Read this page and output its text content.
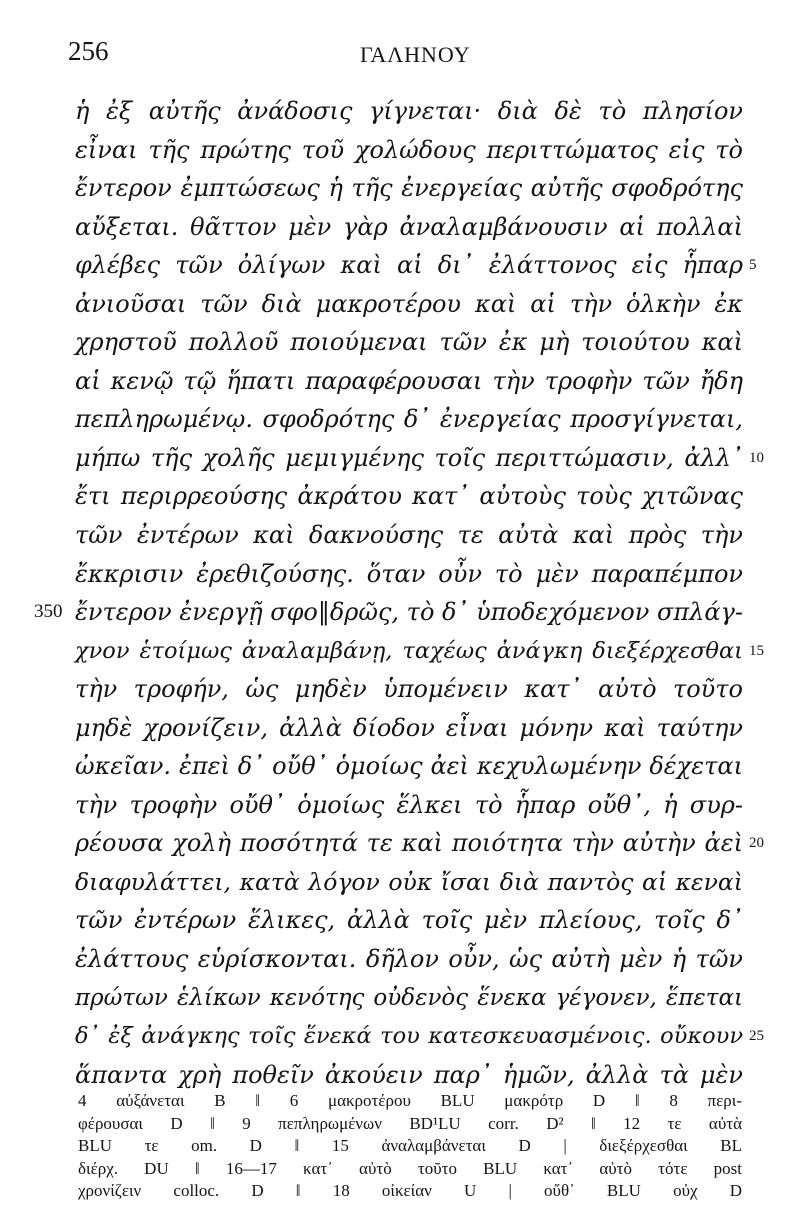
256	ΓΑΛΗΝΟΥ
ἡ ἐξ αὐτῆς ἀνάδοσις γίγνεται· διὰ δὲ τὸ πλησίον
εἶναι τῆς πρώτης τοῦ χολώδους περιττώματος εἰς τὸ
ἔντερον ἐμπτώσεως ἡ τῆς ἐνεργείας αὐτῆς σφοδρότης
αὔξεται. θᾶττον μὲν γὰρ ἀναλαμβάνουσιν αἱ πολλαὶ
φλέβες τῶν ὀλίγων καὶ αἱ δι᾽ ἐλάττονος εἰς ἧπαρ 5
ἀνιοῦσαι τῶν διὰ μακροτέρου καὶ αἱ τὴν ὁλκὴν ἐκ
χρηστοῦ πολλοῦ ποιούμεναι τῶν ἐκ μὴ τοιούτου καὶ
αἱ κενῷ τῷ ἥπατι παραφέρουσαι τὴν τροφὴν τῶν ἤδη
πεπληρωμένῳ. σφοδρότης δ᾽ ἐνεργείας προσγίγνεται,
μήπω τῆς χολῆς μεμιγμένης τοῖς περιττώμασιν, ἀλλ᾽ 10
ἔτι περιρρεούσης ἀκράτου κατ᾽ αὐτοὺς τοὺς χιτῶνας
τῶν ἐντέρων καὶ δακνούσης τε αὐτὰ καὶ πρὸς τὴν
ἔκκρισιν ἐρεθιζούσης. ὅταν οὖν τὸ μὲν παραπέμπον
ἔντερον ἐνεργῇ σφο‖δρῶς, τὸ δ᾽ ὑποδεχόμενον σπλάγ-
350
χνον ἑτοίμως ἀναλαμβάνῃ, ταχέως ἀνάγκη διεξέρχεσθαι 15
τὴν τροφήν, ὡς μηδὲν ὑπομένειν κατ᾽ αὐτὸ τοῦτο
μηδὲ χρονίζειν, ἀλλὰ δίοδον εἶναι μόνην καὶ ταύτην
ὠκεῖαν. ἐπεὶ δ᾽ οὔθ᾽ ὁμοίως ἀεὶ κεχυλωμένην δέχεται
τὴν τροφὴν οὔθ᾽ ὁμοίως ἕλκει τὸ ἧπαρ οὔθ᾽, ἡ συρ-
ρέουσα χολὴ ποσότητά τε καὶ ποιότητα τὴν αὐτὴν ἀεὶ 20
διαφυλάττει, κατὰ λόγον οὐκ ἴσαι διὰ παντὸς αἱ κεναὶ
τῶν ἐντέρων ἕλικες, ἀλλὰ τοῖς μὲν πλείους, τοῖς δ᾽
ἐλάττους εὑρίσκονται. δῆλον οὖν, ὡς αὐτὴ μὲν ἡ τῶν
πρώτων ἑλίκων κενότης οὐδενὸς ἕνεκα γέγονεν, ἕπεται
δ᾽ ἐξ ἀνάγκης τοῖς ἕνεκά του κατεσκευασμένοις. οὔκουν 25
ἅπαντα χρὴ ποθεῖν ἀκούειν παρ᾽ ἡμῶν, ἀλλὰ τὰ μὲν
4 αὐξάνεται B ‖ 6 μακροτέρου BLU μακρότρ D ‖ 8 περι-
φέρουσαι D ‖ 9 πεπληρωμένων BD¹LU corr. D² ‖ 12 τε αὐτὰ
BLU τε om. D ‖ 15 ἀναλαμβάνεται D | διεξέρχεσθαι BL
διέρχ. DU ‖ 16—17 κατ᾽ αὐτὸ τοῦτο BLU κατ᾽ αὐτὸ τότε post
χρονίζειν colloc. D ‖ 18 οἰκείαν U | οὔθ᾽ BLU οὐχ D
